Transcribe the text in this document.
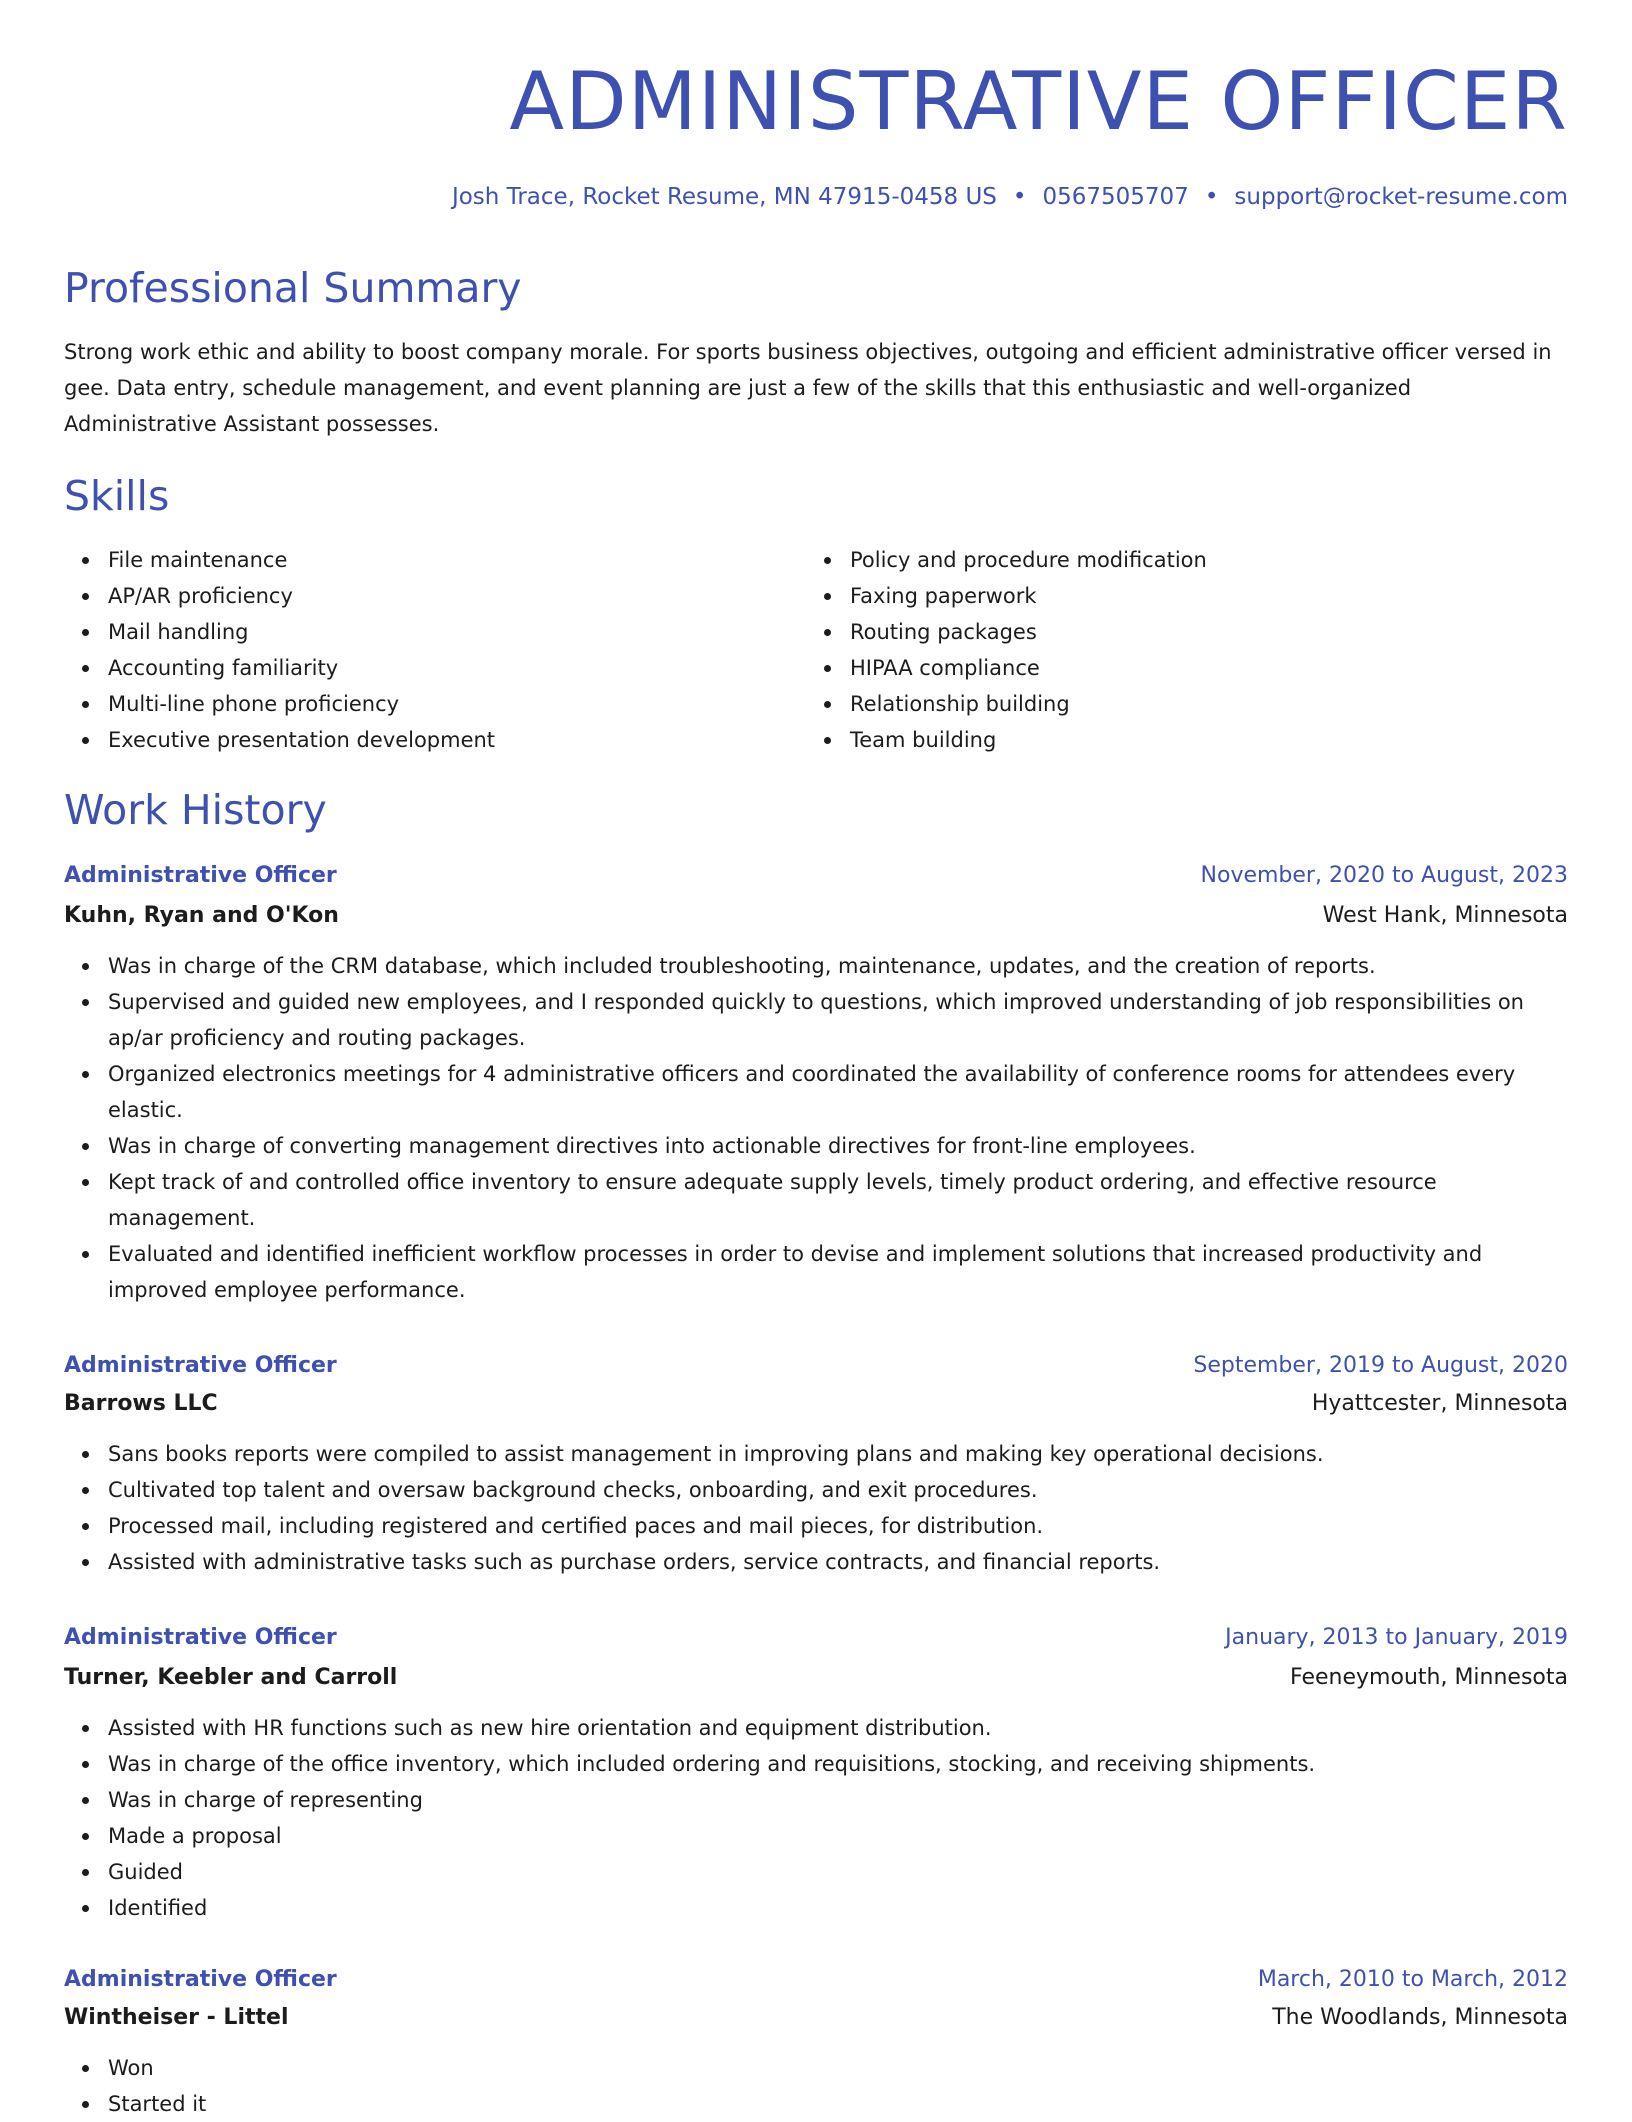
ADMINISTRATIVE OFFICER
Josh Trace, Rocket Resume, MN 47915-0458 US • 0567505707 • support@rocket-resume.com
Professional Summary

Strong work ethic and ability to boost company morale. For sports business objectives, outgoing and efficient administrative officer versed in gee. Data entry, schedule management, and event planning are just a few of the skills that this enthusiastic and well-organized Administrative Assistant possesses.

Skills
File maintenance
AP/AR proficiency
Mail handling
Accounting familiarity
Multi-line phone proficiency
Executive presentation development
Policy and procedure modification
Faxing paperwork
Routing packages
HIPAA compliance
Relationship building
Team building
Work History
Administrative Officer	November, 2020 to August, 2023
Kuhn, Ryan and O'Kon	West Hank, Minnesota
Was in charge of the CRM database, which included troubleshooting, maintenance, updates, and the creation of reports.
Supervised and guided new employees, and I responded quickly to questions, which improved understanding of job responsibilities on ap/ar proficiency and routing packages.
Organized electronics meetings for 4 administrative officers and coordinated the availability of conference rooms for attendees every elastic.
Was in charge of converting management directives into actionable directives for front-line employees.
Kept track of and controlled office inventory to ensure adequate supply levels, timely product ordering, and effective resource management.
Evaluated and identified inefficient workflow processes in order to devise and implement solutions that increased productivity and improved employee performance.
Administrative Officer	September, 2019 to August, 2020
Barrows LLC	Hyattcester, Minnesota
Sans books reports were compiled to assist management in improving plans and making key operational decisions.
Cultivated top talent and oversaw background checks, onboarding, and exit procedures.
Processed mail, including registered and certified paces and mail pieces, for distribution.
Assisted with administrative tasks such as purchase orders, service contracts, and financial reports.
Administrative Officer	January, 2013 to January, 2019
Turner, Keebler and Carroll	Feeneymouth, Minnesota
Assisted with HR functions such as new hire orientation and equipment distribution.
Was in charge of the office inventory, which included ordering and requisitions, stocking, and receiving shipments.
Was in charge of representing
Made a proposal
Guided
Identified
Administrative Officer	March, 2010 to March, 2012
Wintheiser - Littel	The Woodlands, Minnesota
Won
Started it
